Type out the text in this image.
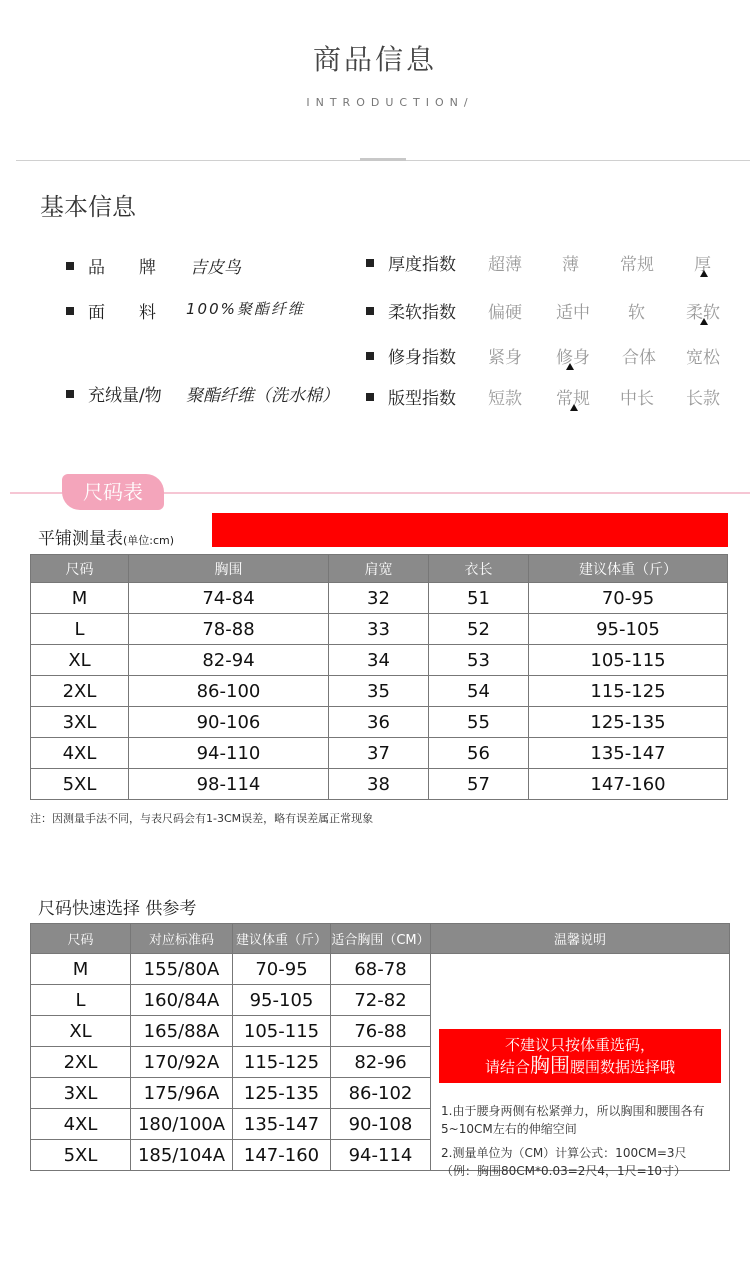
商品信息
INTRODUCTION/
基本信息
品　　牌 吉皮鸟
面　　料 100%聚酯纤维
充绒量/物 聚酯纤维（洗水棉）
厚度指数 超薄 薄 常规 厚
柔软指数 偏硬 适中 软 柔软
修身指数 紧身 修身 合体 宽松
版型指数 短款 常规 中长 长款
尺码表
平铺测量表(单位:cm)
尺码	胸围	肩宽	衣长	建议体重（斤）
M	74-84	32	51	70-95
L	78-88	33	52	95-105
XL	82-94	34	53	105-115
2XL	86-100	35	54	115-125
3XL	90-106	36	55	125-135
4XL	94-110	37	56	135-147
5XL	98-114	38	57	147-160
注：因测量手法不同，与表尺码会有1-3CM误差，略有误差属正常现象
尺码快速选择 供参考
尺码	对应标准码	建议体重（斤）	适合胸围（CM）	温馨说明
M	155/80A	70-95	68-78	不建议只按体重选码，
请结合胸围腰围数据选择哦
1.由于腰身两侧有松紧弹力，所以胸围和腰围各有5~10CM左右的伸缩空间
2.测量单位为（CM）计算公式：100CM=3尺（例：胸围80CM*0.03=2尺4，1尺=10寸）

L	160/84A	95-105	72-82	
XL	165/88A	105-115	76-88	
2XL	170/92A	115-125	82-96	
3XL	175/96A	125-135	86-102	
4XL	180/100A	135-147	90-108	
5XL	185/104A	147-160	94-114	
